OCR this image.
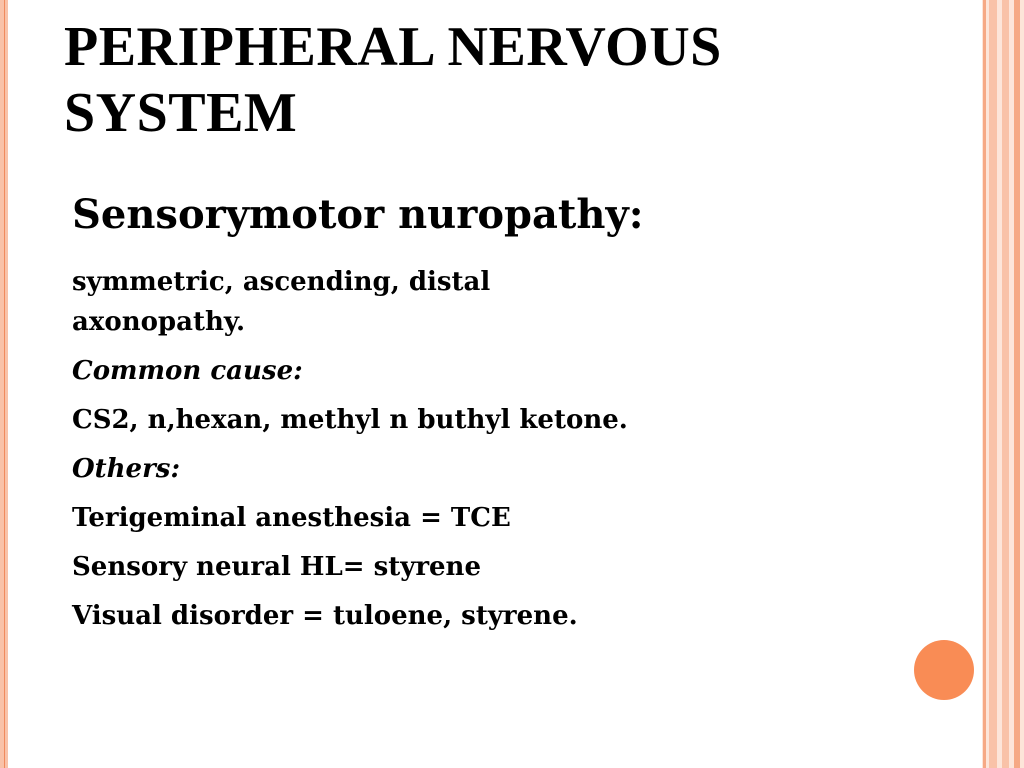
PERIPHERAL NERVOUS SYSTEM
Sensorymotor nuropathy:
symmetric, ascending, distal axonopathy.
Common cause:
CS2, n,hexan, methyl n buthyl ketone.
Others:
Terigeminal anesthesia = TCE
Sensory neural HL= styrene
Visual disorder = tuloene, styrene.
